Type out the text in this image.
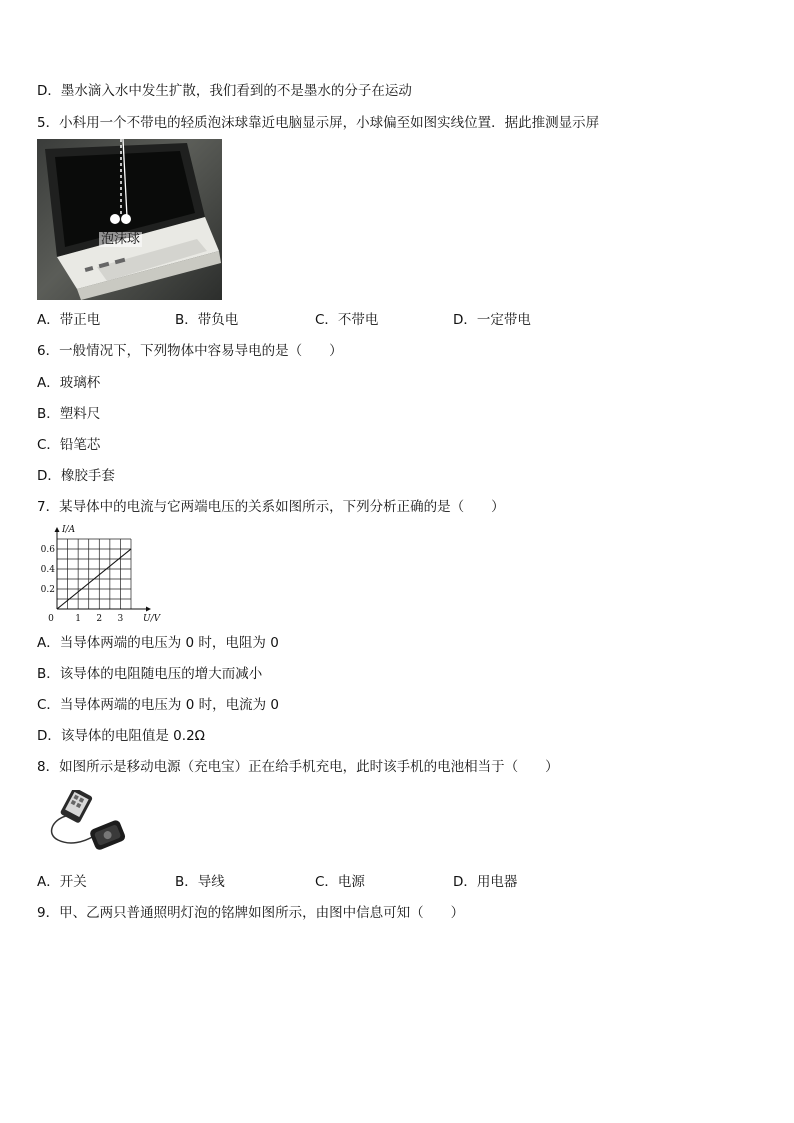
D．墨水滴入水中发生扩散，我们看到的不是墨水的分子在运动
5．小科用一个不带电的轻质泡沫球靠近电脑显示屏，小球偏至如图实线位置．据此推测显示屏
泡沫球
A．带正电	B．带负电	C．不带电	D．一定带电
6．一般情况下，下列物体中容易导电的是（　　）
A．玻璃杯
B．塑料尺
C．铅笔芯
D．橡胶手套
7．某导体中的电流与它两端电压的关系如图所示，下列分析正确的是（　　）
0 1 2 3
0.2
0.4
0.6
U/V
I/A
A．当导体两端的电压为 0 时，电阻为 0
B．该导体的电阻随电压的增大而减小
C．当导体两端的电压为 0 时，电流为 0
D．该导体的电阻值是 0.2Ω
8．如图所示是移动电源（充电宝）正在给手机充电，此时该手机的电池相当于（　　）
A．开关	B．导线	C．电源	D．用电器
9．甲、乙两只普通照明灯泡的铭牌如图所示，由图中信息可知（　　）
